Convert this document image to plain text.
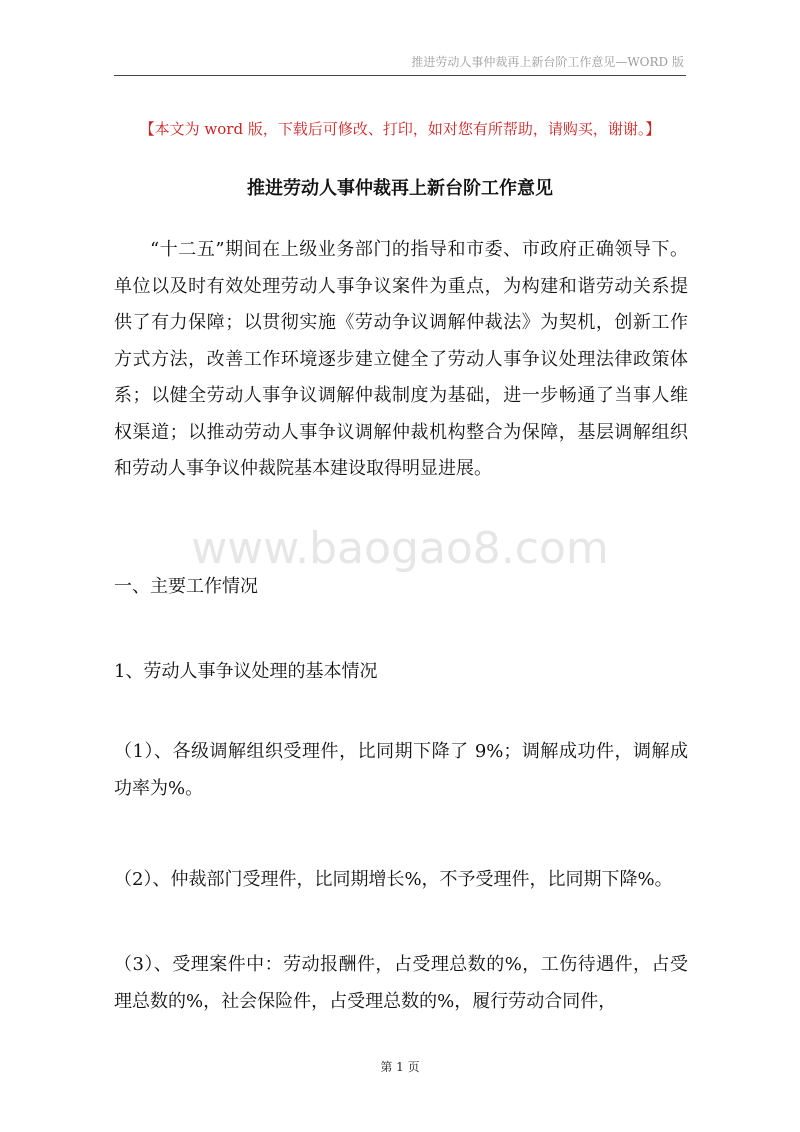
推进劳动人事仲裁再上新台阶工作意见—WORD 版
【本文为 word 版，下载后可修改、打印，如对您有所帮助，请购买，谢谢。】
推进劳动人事仲裁再上新台阶工作意见
“十二五”期间在上级业务部门的指导和市委、市政府正确领导下。单位以及时有效处理劳动人事争议案件为重点，为构建和谐劳动关系提供了有力保障；以贯彻实施《劳动争议调解仲裁法》为契机，创新工作方式方法，改善工作环境逐步建立健全了劳动人事争议处理法律政策体系；以健全劳动人事争议调解仲裁制度为基础，进一步畅通了当事人维权渠道；以推动劳动人事争议调解仲裁机构整合为保障，基层调解组织和劳动人事争议仲裁院基本建设取得明显进展。
www.baogao8.com
一、主要工作情况
1、劳动人事争议处理的基本情况
（1）、各级调解组织受理件，比同期下降了 9%；调解成功件，调解成功率为%。
（2）、仲裁部门受理件，比同期增长%，不予受理件，比同期下降%。
（3）、受理案件中：劳动报酬件，占受理总数的%，工伤待遇件，占受理总数的%，社会保险件，占受理总数的%，履行劳动合同件，
第 1 页
